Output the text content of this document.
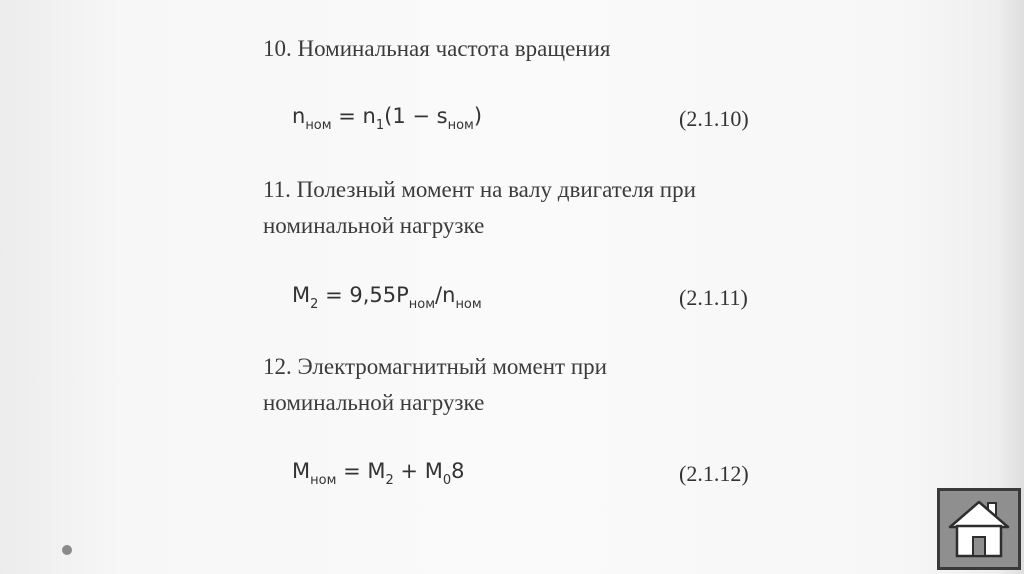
10. Номинальная частота вращения
$n_{ном} = n_1(1 - s_{ном})$	(2.1.10)
11. Полезный момент на валу двигателя при
номинальной нагрузке
$M_2 = 9,55P_{ном}/n_{ном}$	(2.1.11)
12. Электромагнитный момент при
номинальной нагрузке
$M_{ном} = M_2 + M_08$	(2.1.12)
